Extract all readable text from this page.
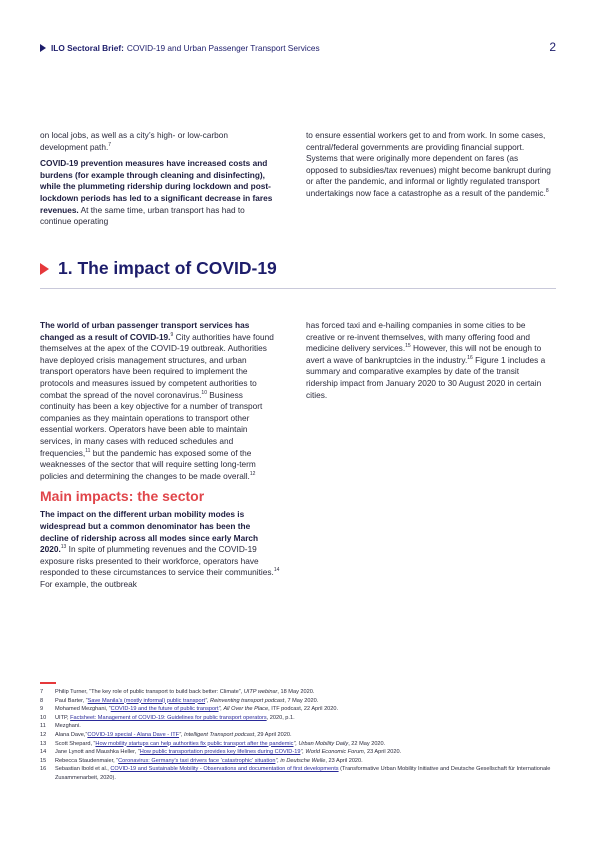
ILO Sectoral Brief: COVID-19 and Urban Passenger Transport Services	2

on local jobs, as well as a city’s high- or low-carbon development path.$^7$

COVID-19 prevention measures have increased costs and burdens (for example through cleaning and disinfecting), while the plummeting ridership during lockdown and post-lockdown periods has led to a significant decrease in fares revenues. At the same time, urban transport has had to continue operating

to ensure essential workers get to and from work. In some cases, central/federal governments are providing financial support. Systems that were originally more dependent on fares (as opposed to subsidies/tax revenues) might become bankrupt during or after the pandemic, and informal or lightly regulated transport undertakings now face a catastrophe as a result of the pandemic.$^8$

1. The impact of COVID-19

The world of urban passenger transport services has changed as a result of COVID-19.$^9$ City authorities have found themselves at the apex of the COVID-19 outbreak. Authorities have deployed crisis management structures, and urban transport operators have been required to implement the protocols and measures issued by competent authorities to combat the spread of the novel coronavirus.$^{10}$ Business continuity has been a key objective for a number of transport companies as they maintain operations to transport other essential workers. Operators have been able to maintain services, in many cases with reduced schedules and frequencies,$^{11}$ but the pandemic has exposed some of the weaknesses of the sector that will require setting long-term policies and determining the changes to be made overall.$^{12}$

Main impacts: the sector

The impact on the different urban mobility modes is widespread but a common denominator has been the decline of ridership across all modes since early March 2020.13 In spite of plummeting revenues and the COVID-19 exposure risks presented to their workforce, operators have responded to these circumstances to service their communities.$^{14}$ For example, the outbreak

has forced taxi and e-hailing companies in some cities to be creative or re-invent themselves, with many offering food and medicine delivery services.$^{15}$ However, this will not be enough to avert a wave of bankruptcies in the industry.$^{16}$ Figure 1 includes a summary and comparative examples by date of the transit ridership impact from January 2020 to 30 August 2020 in certain cities.

7	Philip Turner, “The key role of public transport to build back better: Climate”, UITP webinar, 18 May 2020.
8	Paul Barter, “Save Manila’s (mostly informal) public transport”, Reinventing transport podcast, 7 May 2020.
9	Mohamed Mezghani, “COVID-19 and the future of public transport”, All Over the Place, ITF podcast, 22 April 2020.
10	UITP, Factsheet: Management of COVID-19: Guidelines for public transport operators, 2020, p.1.
11	Mezghani.
12	Alana Dave,“COVID-19 special - Alana Dave - ITF”, Intelligent Transport podcast, 29 April 2020.
13	Scott Shepard, “How mobility startups can help authorities fix public transport after the pandemic”, Urban Mobility Daily, 22 May 2020.
14	Jane Lynott and Maushka Heller, “How public transportation provides key lifelines during COVID-19”, World Economic Forum, 23 April 2020.
15	Rebecca Staudenmaier, “Coronavirus: Germany’s taxi drivers face ‘catastrophic’ situation”, in Deutsche Welle, 23 April 2020.
16	Sebastian Ibold et al., COVID-19 and Sustainable Mobility - Observations and documentation of first developments (Transformative Urban Mobility Initiative and Deutsche Gesellschaft für Internationale Zusammenarbeit, 2020).
